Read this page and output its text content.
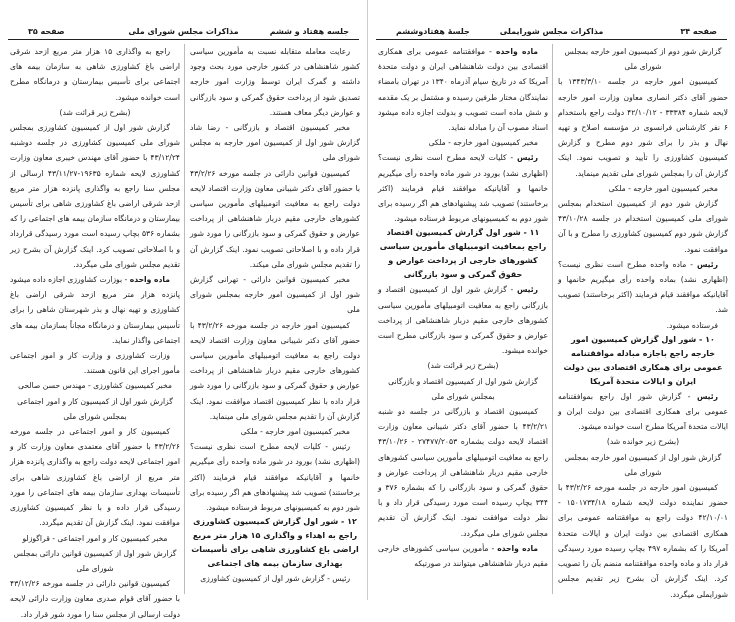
جلسه هفتاد و ششم
مذاکرات مجلس شورای ملی
صفحه ۳۵

رعایت معامله متقابله نسبت به مأمورین سیاسی کشور شاهنشاهی در کشور خارجی مورد بحث وجود داشته و گمرک ایران توسط وزارت امور خارجه تصدیق شود از پرداخت حقوق گمرکی و سود بازرگانی و عوارض دیگر معاف هستند.

مخبر کمیسیون اقتصاد و بازرگانی - رضا شاد گزارش شور اول از کمیسیون امور خارجه به مجلس شورای ملی

کمیسیون قوانین دارائی در جلسه مورخه ۴۳/۲/۲۶ با حضور آقای دکتر شیبانی معاون وزارت اقتصاد لایحه دولت راجع به معافیت اتومبیلهای مأمورین سیاسی کشورهای خارجی مقیم دربار شاهنشاهی از پرداخت عوارض و حقوق گمرکی و سود بازرگانی را مورد شور قرار داده و با اصلاحاتی تصویب نمود. اینک گزارش آن را تقدیم مجلس شورای ملی میکند.

مخبر کمیسیون قوانین دارائی - تهرانی گزارش شور اول از کمیسیون امور خارجه بمجلس شورای ملی

کمیسیون امور خارجه در جلسه مورخه ۴۳/۲/۲۶ با حضور آقای دکتر شیبانی معاون وزارت اقتصاد لایحه دولت راجع به معافیت اتومبیلهای مأمورین سیاسی کشورهای خارجی مقیم دربار شاهنشاهی از پرداخت عوارض و حقوق گمرکی و سود بازرگانی را مورد شور قرار داده با نظر کمیسیون اقتصاد موافقت نمود. اینک گزارش آن را تقدیم مجلس شورای ملی مینماید.

مخبر کمیسیون امور خارجه - ملکی

رئیس - کلیات لایحه مطرح است نظری نیست؟ (اظهاری نشد) بورود در شور ماده واحده رأی میگیریم خانمها و آقایانیکه موافقند قیام فرمایند (اکثر برخاستند) تصویب شد پیشنهادهای هم اگر رسیده برای شور دوم به کمیسیونهای مربوط فرستاده میشود.

۱۲ - شور اول گزارش کمیسیون کشاورزی راجع به اهداء و واگذاری ۱۵ هزار متر مربع اراضی باغ کشاورزی شاهی برای تأسیسات بهداری سازمان بیمه های اجتماعی

رئیس - گزارش شور اول از کمیسیون کشاورزی

راجع به واگذاری ۱۵ هزار متر مربع ازحد شرقی اراضی باغ کشاورزی شاهی به سازمان بیمه های اجتماعی برای تأسیس بیمارستان و درمانگاه مطرح است خوانده میشود.

(بشرح زیر قرائت شد)

گزارش شور اول از کمیسیون کشاورزی بمجلس شورای ملی کمیسیون کشاورزی در جلسه دوشنبه ۴۳/۱۲/۲۴ با حضور آقای مهندس خیبری معاون وزارت کشاورزی لایحه شماره ۱۹۶۳۵-۴۳/۱۱/۲۷ ارسالی از مجلس سنا راجع به واگذاری پانزده هزار متر مربع ازحد شرقی اراضی باغ کشاورزی شاهی برای تأسیس بیمارستان و درمانگاه سازمان بیمه های اجتماعی را که بشماره ۵۳۶ بچاپ رسیده است مورد رسیدگی قرارداد و با اصلاحاتی تصویب کرد. اینک گزارش آن بشرح زیر تقدیم مجلس شورای ملی میگردد.

ماده واحده - بوزارت کشاورزی اجازه داده میشود پانزده هزار متر مربع ازحد شرقی اراضی باغ کشاورزی و تهیه نهال و بذر شهرستان شاهی را برای تأسیس بیمارستان و درمانگاه مجاناً بسازمان بیمه های اجتماعی واگذار نماید.

وزارت کشاورزی و وزارت کار و امور اجتماعی مأمور اجرای این قانون هستند.

مخبر کمیسیون کشاورزی - مهندس حسن صالحی

گزارش شور اول از کمیسیون کار و امور اجتماعی بمجلس شورای ملی

کمیسیون کار و امور اجتماعی در جلسه مورخه ۴۳/۲/۲۶ با حضور آقای معتمدی معاون وزارت کار و امور اجتماعی لایحه دولت راجع به واگذاری پانزده هزار متر مربع از اراضی باغ کشاورزی شاهی برای تأسیسات بهداری سازمان بیمه های اجتماعی را مورد رسیدگی قرار داده و با نظر کمیسیون کشاورزی موافقت نمود. اینک گزارش آن تقدیم میگردد.

مخبر کمیسیون کار و امور اجتماعی - قراگوزلو

گزارش شور اول از کمیسیون قوانین دارائی بمجلس شورای ملی

کمیسیون قوانین دارائی در جلسه مورخه ۴۳/۱۲/۲۶ با حضور آقای قوام صدری معاون وزارت دارائی لایحه دولت ارسالی از مجلس سنا را مورد شور قرار داد.

صفحه ۳۴
مذاکرات مجلس شورایملی
جلسهٔ هفتادوششم

گزارش شور دوم از کمیسیون امور خارجه بمجلس شورای ملی

کمیسیون امور خارجه در جلسه ۱۳۴۳/۳/۱۰ با حضور آقای دکتر انصاری معاون وزارت امور خارجه لایحه شماره ۳۳۳۸۴ - ۴۲/۱۰/۱۲ دولت راجع باستخدام ۶ نفر کارشناس فرانسوی در مؤسسه اصلاح و تهیه نهال و بذر را برای شور دوم مطرح و گزارش کمیسیون کشاورزی را تأیید و تصویب نمود. اینک گزارش آن را بمجلس شورای ملی تقدیم مینماید.

مخبر کمیسیون امور خارجه - ملکی

گزارش شور دوم از کمیسیون استخدام بمجلس شورای ملی کمیسیون استخدام در جلسه ۴۳/۱۰/۲۸ گزارش شور دوم کمیسیون کشاورزی را مطرح و با آن موافقت نمود.

رئیس - ماده واحده مطرح است نظری نیست؟ (اظهاری نشد) بماده واحده رأی میگیریم خانمها و آقایانیکه موافقند قیام فرمایند (اکثر برخاستند) تصویب شد.

فرستاده میشود.

۱۰ - شور اول گزارش کمیسیون امور خارجه راجع باجازه مبادله موافقتنامه عمومی برای همکاری اقتصادی بین دولت ایران و ایالات متحدهٔ آمریکا

رئیس - گزارش شور اول راجع بموافقتنامه عمومی برای همکاری اقتصادی بین دولت ایران و ایالات متحدهٔ آمریکا مطرح است خوانده میشود.

(بشرح زیر خوانده شد)

گزارش شور اول از کمیسیون امور خارجه بمجلس شورای ملی

کمیسیون امور خارجه در جلسه مورخه ۴۳/۲/۲۶ با حضور نماینده دولت لایحه شماره ۱۵۰۱۷۳۴/۱۸ - ۴۲/۱۰/۰۱ دولت راجع به موافقتنامه عمومی برای همکاری اقتصادی بین دولت ایران و ایالات متحدهٔ آمریکا را که بشماره ۴۹۷ بچاپ رسیده مورد رسیدگی قرار داد و ماده واحده موافقتنامه منضم بآن را تصویب کرد. اینک گزارش آن بشرح زیر تقدیم مجلس شورایملی میگردد.

ماده واحده - موافقتنامه عمومی برای همکاری اقتصادی بین دولت شاهنشاهی ایران و دولت متحدهٔ آمریکا که در تاریخ سیام آذرماه ۱۳۴۰ در تهران بامضاء نمایندگان مختار طرفین رسیده و مشتمل بر یک مقدمه و شش ماده است تصویب و بدولت اجازه داده میشود اسناد مصوب آن را مبادله نماید.

مخبر کمیسیون امور خارجه - ملکی

رئیس - کلیات لایحه مطرح است نظری نیست؟ (اظهاری نشد) بورود در شور ماده واحده رأی میگیریم خانمها و آقایانیکه موافقند قیام فرمایند (اکثر برخاستند) تصویب شد پیشنهادهای هم اگر رسیده برای شور دوم به کمیسیونهای مربوط فرستاده میشود.

۱۱ - شور اول گزارش کمیسیون اقتصاد راجع بمعافیت اتومبیلهای مأمورین سیاسی کشورهای خارجی از پرداخت عوارض و حقوق گمرکی و سود بازرگانی

رئیس - گزارش شور اول از کمیسیون اقتصاد و بازرگانی راجع به معافیت اتومبیلهای مأمورین سیاسی کشورهای خارجی مقیم دربار شاهنشاهی از پرداخت عوارض و حقوق گمرکی و سود بازرگانی مطرح است خوانده میشود.

(بشرح زیر قرائت شد)

گزارش شور اول از کمیسیون اقتصاد و بازرگانی بمجلس شورای ملی

کمیسیون اقتصاد و بازرگانی در جلسه دو شنبه ۴۳/۲/۲۱ با حضور آقای دکتر شیبانی معاون وزارت اقتصاد لایحه دولت بشماره ۲۷۴۷۷/۲۰۵۳ - ۴۳/۱۰/۲۶ راجع به معافیت اتومبیلهای مأمورین سیاسی کشورهای خارجی مقیم دربار شاهنشاهی از پرداخت عوارض و حقوق گمرکی و سود بازرگانی را که بشماره ۳۷۶ و ۳۴۴ بچاپ رسیده است مورد رسیدگی قرار داد و با نظر دولت موافقت نمود. اینک گزارش آن تقدیم مجلس شورای ملی میگردد.

ماده واحده - مأمورین سیاسی کشورهای خارجی مقیم دربار شاهنشاهی میتوانند در صورتیکه
